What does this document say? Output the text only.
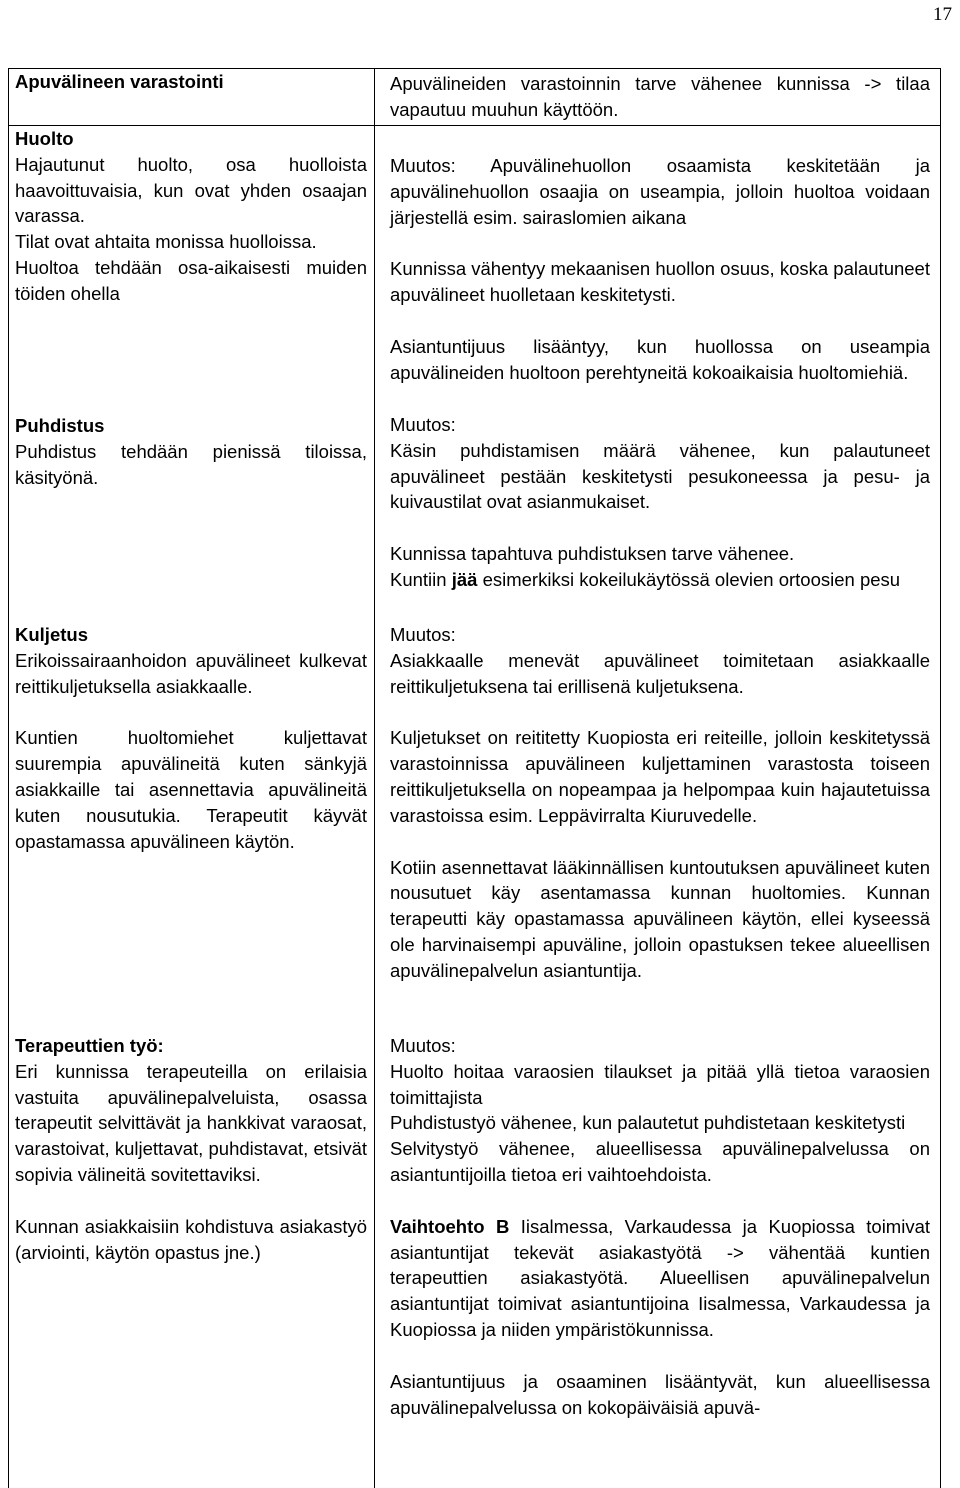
17

Apuvälineen varastointi

Huolto

Hajautunut huolto, osa huolloista haavoittuvaisia, kun ovat yhden osaajan varassa.

Tilat ovat ahtaita monissa huolloissa.

Huoltoa tehdään osa-aikaisesti muiden töiden ohella

Puhdistus

Puhdistus tehdään pienissä tiloissa, käsityönä.

Kuljetus

Erikoissairaanhoidon apuvälineet kulkevat reittikuljetuksella asiakkaalle.

Kuntien huoltomiehet kuljettavat suurempia apuvälineitä kuten sänkyjä asiakkaille tai asennettavia apuvälineitä kuten nousutukia. Terapeutit käyvät opastamassa apuvälineen käytön.

Terapeuttien työ:

Eri kunnissa terapeuteilla on erilaisia vastuita apuvälinepalveluista, osassa terapeutit selvittävät ja hankkivat varaosat, varastoivat, kuljettavat, puhdistavat, etsivät sopivia välineitä sovitettaviksi.

Kunnan asiakkaisiin kohdistuva asiakastyö (arviointi, käytön opastus jne.)

Apuvälineiden varastoinnin tarve vähenee kunnissa -> tilaa vapautuu muuhun käyttöön.

Muutos: Apuvälinehuollon osaamista keskitetään ja apuvälinehuollon osaajia on useampia, jolloin huoltoa voidaan järjestellä esim. sairaslomien aikana

Kunnissa vähentyy mekaanisen huollon osuus, koska palautuneet apuvälineet huolletaan keskitetysti.

Asiantuntijuus lisääntyy, kun huollossa on useampia apuvälineiden huoltoon perehtyneitä kokoaikaisia huoltomiehiä.

Muutos:

Käsin puhdistamisen määrä vähenee, kun palautuneet apuvälineet pestään keskitetysti pesukoneessa ja pesu- ja kuivaustilat ovat asianmukaiset.

Kunnissa tapahtuva puhdistuksen tarve vähenee.

Kuntiin jää esimerkiksi kokeilukäytössä olevien ortoosien pesu

Muutos:

Asiakkaalle menevät apuvälineet toimitetaan asiakkaalle reittikuljetuksena tai erillisenä kuljetuksena.

Kuljetukset on reititetty Kuopiosta eri reiteille, jolloin keskitetyssä varastoinnissa apuvälineen kuljettaminen varastosta toiseen reittikuljetuksella on nopeampaa ja helpompaa kuin hajautetuissa varastoissa esim. Leppävirralta Kiuruvedelle.

Kotiin asennettavat lääkinnällisen kuntoutuksen apuvälineet kuten nousutuet käy asentamassa kunnan huoltomies. Kunnan terapeutti käy opastamassa apuvälineen käytön, ellei kyseessä ole harvinaisempi apuväline, jolloin opastuksen tekee alueellisen apuvälinepalvelun asiantuntija.

Muutos:

Huolto hoitaa varaosien tilaukset ja pitää yllä tietoa varaosien toimittajista

Puhdistustyö vähenee, kun palautetut puhdistetaan keskitetysti

Selvitystyö vähenee, alueellisessa apuvälinepalvelussa on asiantuntijoilla tietoa eri vaihtoehdoista.

Vaihtoehto B Iisalmessa, Varkaudessa ja Kuopiossa toimivat asiantuntijat tekevät asiakastyötä -> vähentää kuntien terapeuttien asiakastyötä. Alueellisen apuvälinepalvelun asiantuntijat toimivat asiantuntijoina Iisalmessa, Varkaudessa ja Kuopiossa ja niiden ympäristökunnissa.

Asiantuntijuus ja osaaminen lisääntyvät, kun alueellisessa apuvälinepalvelussa on kokopäiväisiä apuvä-
